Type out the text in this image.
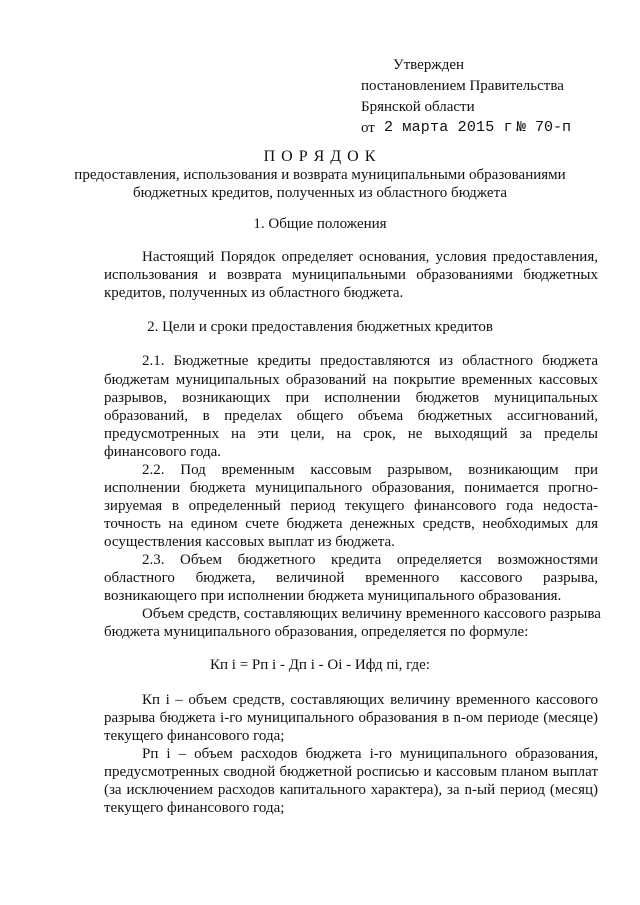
Утвержден
постановлением Правительства
Брянской области
от 2 марта 2015 г.
№ 70-п
П О Р Я Д О К
предоставления, использования и возврата муниципальными образованиями
бюджетных кредитов, полученных из областного бюджета
1. Общие положения
Настоящий Порядок определяет основания, условия предоставления,
использования и возврата муниципальными образованиями бюджетных
кредитов, полученных из областного бюджета.
2. Цели и сроки предоставления бюджетных кредитов
2.1. Бюджетные кредиты предоставляются из областного бюджета
бюджетам муниципальных образований на покрытие временных кассовых
разрывов, возникающих при исполнении бюджетов муниципальных
образований, в пределах общего объема бюджетных ассигнований,
предусмотренных на эти цели, на срок, не выходящий за пределы
финансового года.
2.2. Под временным кассовым разрывом, возникающим при
исполнении бюджета муниципального образования, понимается прогно-
зируемая в определенный период текущего финансового года недоста-
точность на едином счете бюджета денежных средств, необходимых для
осуществления кассовых выплат из бюджета.
2.3. Объем бюджетного кредита определяется возможностями
областного бюджета, величиной временного кассового разрыва,
возникающего при исполнении бюджета муниципального образования.
Объем средств, составляющих величину временного кассового разрыва
бюджета муниципального образования, определяется по формуле:
Кп i = Рп i - Дп i - Оi - Ифд пi, где:
Кп i – объем средств, составляющих величину временного кассового
разрыва бюджета i-го муниципального образования в n-ом периоде (месяце)
текущего финансового года;
Рп i – объем расходов бюджета i-го муниципального образования,
предусмотренных сводной бюджетной росписью и кассовым планом выплат
(за исключением расходов капитального характера), за n-ый период (месяц)
текущего финансового года;
